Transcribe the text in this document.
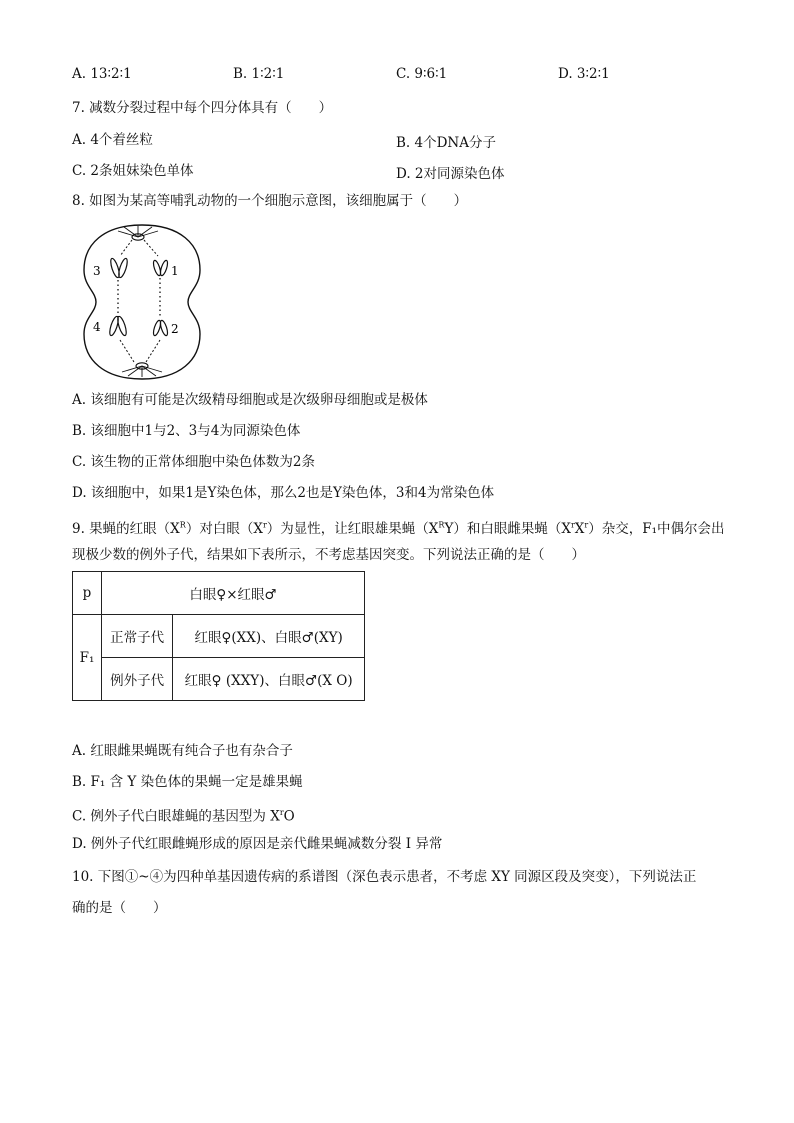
A. 13∶2∶1	B. 1∶2∶1	C. 9∶6∶1	D. 3∶2∶1
7. 减数分裂过程中每个四分体具有（　　）
A. 4个着丝粒	B. 4个DNA分子
C. 2条姐妹染色单体	D. 2对同源染色体
8. 如图为某高等哺乳动物的一个细胞示意图，该细胞属于（　　）
3	1
4	2
A. 该细胞有可能是次级精母细胞或是次级卵母细胞或是极体
B. 该细胞中1与2、3与4为同源染色体
C. 该生物的正常体细胞中染色体数为2条
D. 该细胞中，如果1是Y染色体，那么2也是Y染色体，3和4为常染色体
9. 果蝇的红眼$(X^R)$对白眼$(X^r)$为显性，让红眼雄果蝇$(X^RY)$和白眼雌果蝇$(X^rX^r)$杂交，F₁中偶尔会出
现极少数的例外子代，结果如下表所示，不考虑基因突变。下列说法正确的是（　　）
p	白眼♀×红眼♂	
F₁	正常子代	红眼♀(XX)、白眼♂(XY)
	例外子代	红眼♀ (XXY)、白眼♂(X O)
A. 红眼雌果蝇既有纯合子也有杂合子
B. F₁ 含 Y 染色体的果蝇一定是雄果蝇
C. 例外子代白眼雄蝇的基因型为 $X^rO$
D. 例外子代红眼雌蝇形成的原因是亲代雌果蝇减数分裂 I 异常
10. 下图①~④为四种单基因遗传病的系谱图（深色表示患者，不考虑 XY 同源区段及突变），下列说法正
确的是（　　）
